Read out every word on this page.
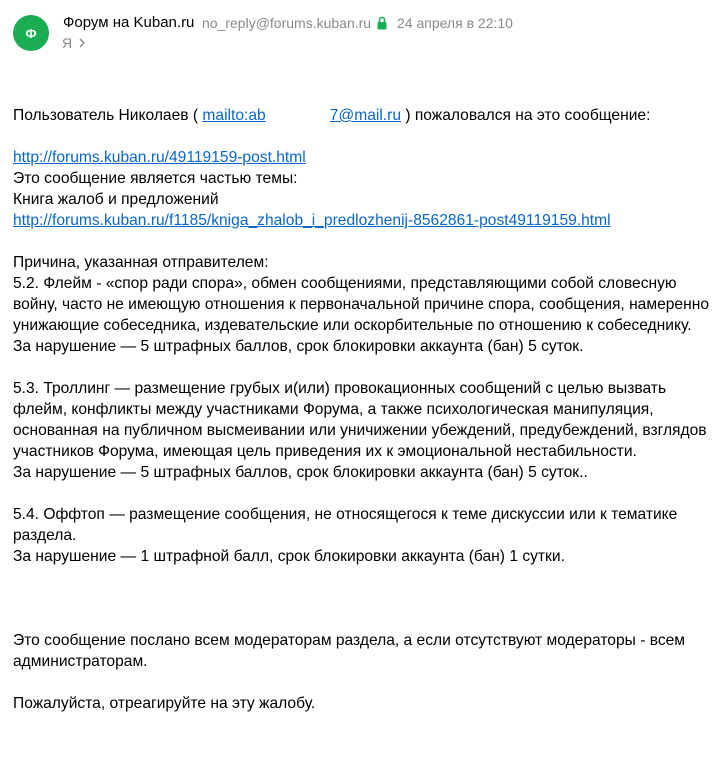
Ф
Форум на Kuban.ru no_reply@forums.kuban.ru 24 апреля в 22:10
Я

Пользователь Николаев ( mailto:ab	7@mail.ru ) пожаловался на это сообщение:

http://forums.kuban.ru/49119159-post.html

Это сообщение является частью темы:

Книга жалоб и предложений

http://forums.kuban.ru/f1185/kniga_zhalob_i_predlozhenij-8562861-post49119159.html

Причина, указанная отправителем:

5.2. Флейм - «спор ради спора», обмен сообщениями, представляющими собой словесную войну, часто не имеющую отношения к первоначальной причине спора, сообщения, намеренно унижающие собеседника, издевательские или оскорбительные по отношению к собеседнику.

За нарушение — 5 штрафных баллов, срок блокировки аккаунта (бан) 5 суток.

5.3. Троллинг — размещение грубых и(или) провокационных сообщений с целью вызвать флейм, конфликты между участниками Форума, а также психологическая манипуляция, основанная на публичном высмеивании или уничижении убеждений, предубеждений, взглядов участников Форума, имеющая цель приведения их к эмоциональной нестабильности.

За нарушение — 5 штрафных баллов, срок блокировки аккаунта (бан) 5 суток..

5.4. Оффтоп — размещение сообщения, не относящегося к теме дискуссии или к тематике раздела.

За нарушение — 1 штрафной балл, срок блокировки аккаунта (бан) 1 сутки.

Это сообщение послано всем модераторам раздела, а если отсутствуют модераторы - всем администраторам.

Пожалуйста, отреагируйте на эту жалобу.
